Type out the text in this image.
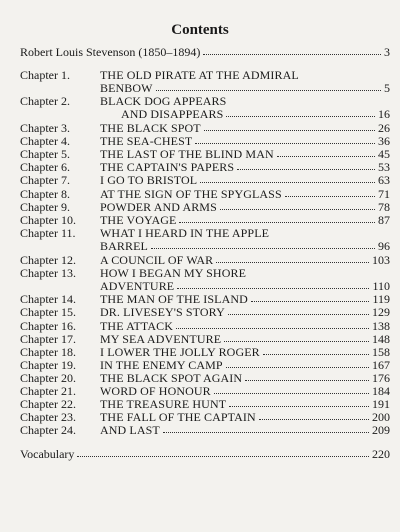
Contents
Robert Louis Stevenson (1850–1894)	3
Chapter 1.	THE OLD PIRATE AT THE ADMIRAL
BENBOW	5
Chapter 2.	BLACK DOG APPEARS
AND DISAPPEARS	16
Chapter 3.	THE BLACK SPOT	26
Chapter 4.	THE SEA-CHEST	36
Chapter 5.	THE LAST OF THE BLIND MAN	45
Chapter 6.	THE CAPTAIN'S PAPERS	53
Chapter 7.	I GO TO BRISTOL	63
Chapter 8.	AT THE SIGN OF THE SPYGLASS	71
Chapter 9.	POWDER AND ARMS	78
Chapter 10. THE VOYAGE	87
Chapter 11. WHAT I HEARD IN THE APPLE
BARREL	96
Chapter 12. A COUNCIL OF WAR	103
Chapter 13. HOW I BEGAN MY SHORE
ADVENTURE	110
Chapter 14. THE MAN OF THE ISLAND	119
Chapter 15. DR. LIVESEY'S STORY	129
Chapter 16. THE ATTACK	138
Chapter 17. MY SEA ADVENTURE	148
Chapter 18. I LOWER THE JOLLY ROGER	158
Chapter 19. IN THE ENEMY CAMP	167
Chapter 20. THE BLACK SPOT AGAIN	176
Chapter 21. WORD OF HONOUR	184
Chapter 22. THE TREASURE HUNT	191
Chapter 23. THE FALL OF THE CAPTAIN	200
Chapter 24. AND LAST	209
Vocabulary	220
